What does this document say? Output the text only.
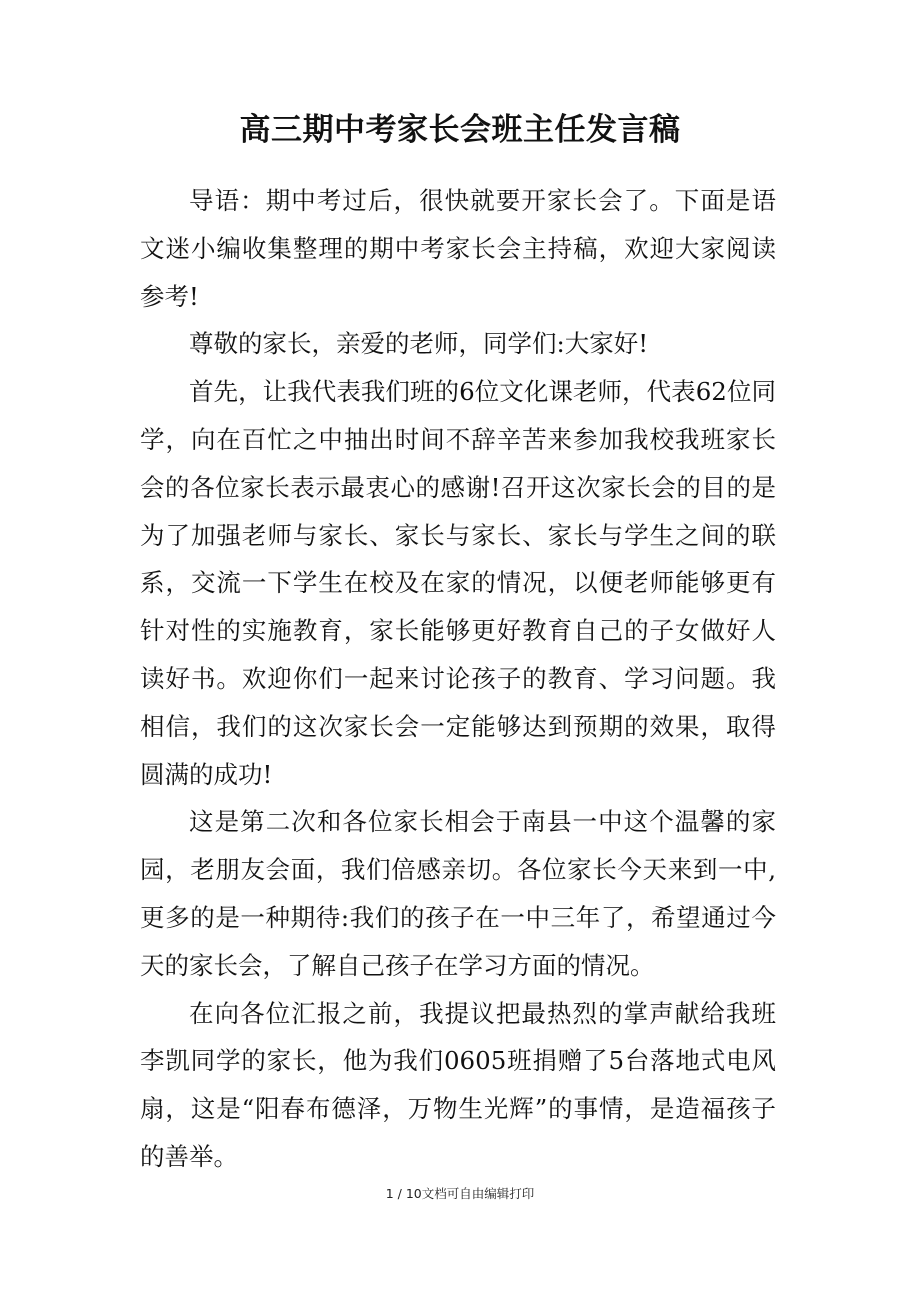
高三期中考家长会班主任发言稿

导语：期中考过后，很快就要开家长会了。下面是语文迷小编收集整理的期中考家长会主持稿，欢迎大家阅读参考!

尊敬的家长，亲爱的老师，同学们:大家好!

首先，让我代表我们班的6位文化课老师，代表62位同学，向在百忙之中抽出时间不辞辛苦来参加我校我班家长会的各位家长表示最衷心的感谢!召开这次家长会的目的是为了加强老师与家长、家长与家长、家长与学生之间的联系，交流一下学生在校及在家的情况，以便老师能够更有针对性的实施教育，家长能够更好教育自己的子女做好人读好书。欢迎你们一起来讨论孩子的教育、学习问题。我相信，我们的这次家长会一定能够达到预期的效果，取得圆满的成功!

这是第二次和各位家长相会于南县一中这个温馨的家园，老朋友会面，我们倍感亲切。各位家长今天来到一中,更多的是一种期待:我们的孩子在一中三年了，希望通过今天的家长会，了解自己孩子在学习方面的情况。

在向各位汇报之前，我提议把最热烈的掌声献给我班李凯同学的家长，他为我们0605班捐赠了5台落地式电风扇，这是“阳春布德泽，万物生光辉”的事情，是造福孩子的善举。

1 / 10文档可自由编辑打印
